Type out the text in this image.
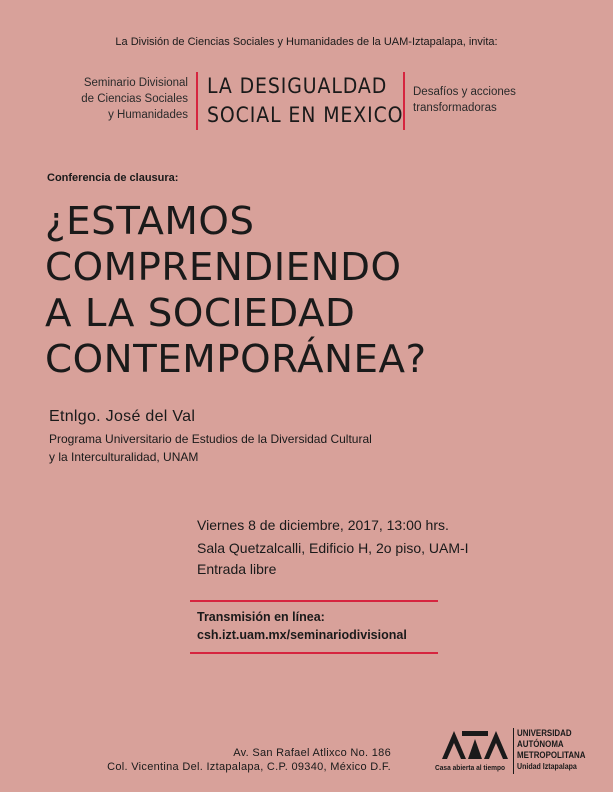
La División de Ciencias Sociales y Humanidades de la UAM-Iztapalapa, invita:
Seminario Divisional
de Ciencias Sociales
y Humanidades
LA DESIGUALDAD
SOCIAL EN MEXICO
Desafíos y acciones
transformadoras
Conferencia de clausura:
¿ESTAMOS
COMPRENDIENDO
A LA SOCIEDAD
CONTEMPORÁNEA?
Etnlgo. José del Val
Programa Universitario de Estudios de la Diversidad Cultural
y la Interculturalidad, UNAM
Viernes 8 de diciembre, 2017, 13:00 hrs.
Sala Quetzalcalli, Edificio H, 2o piso, UAM-I
Entrada libre
Transmisión en línea:
csh.izt.uam.mx/seminariodivisional
Av. San Rafael Atlixco No. 186
Col. Vicentina Del. Iztapalapa, C.P. 09340, México D.F.	Casa abierta al tiempo
UNIVERSIDAD
AUTÓNOMA
METROPOLITANA
Unidad Iztapalapa
